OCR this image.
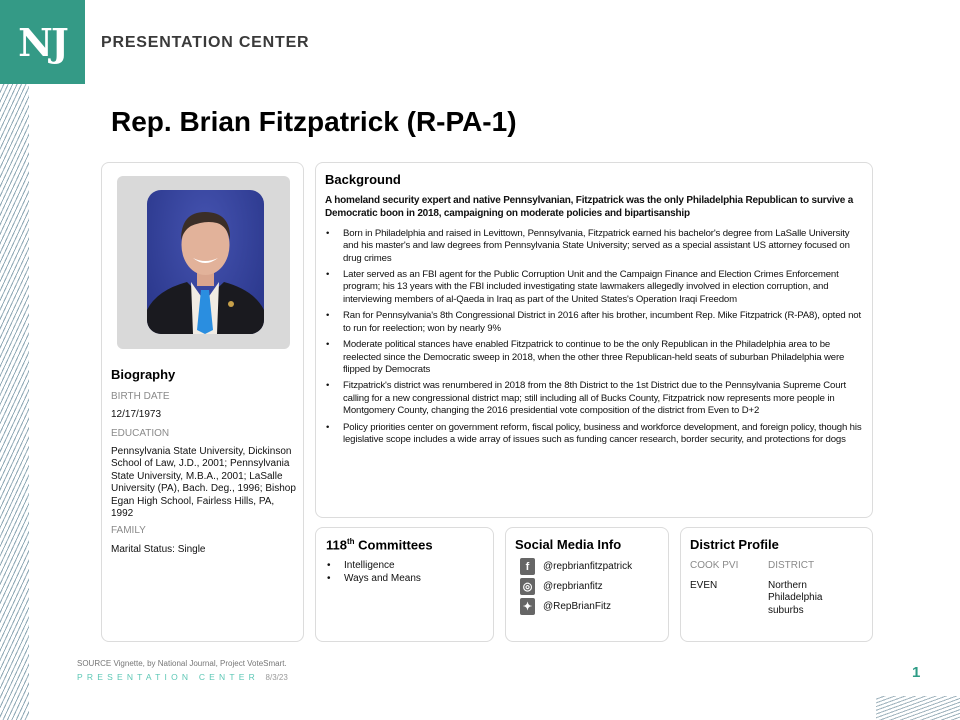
NJ PRESENTATION CENTER
Rep. Brian Fitzpatrick (R-PA-1)
Biography
BIRTH DATE
12/17/1973
EDUCATION
Pennsylvania State University, Dickinson School of Law, J.D., 2001; Pennsylvania State University, M.B.A., 2001; LaSalle University (PA), Bach. Deg., 1996; Bishop Egan High School, Fairless Hills, PA, 1992
FAMILY
Marital Status: Single
Background
A homeland security expert and native Pennsylvanian, Fitzpatrick was the only Philadelphia Republican to survive a Democratic boon in 2018, campaigning on moderate policies and bipartisanship
• Born in Philadelphia and raised in Levittown, Pennsylvania, Fitzpatrick earned his bachelor's degree from LaSalle University and his master's and law degrees from Pennsylvania State University; served as a special assistant US attorney focused on drug crimes
• Later served as an FBI agent for the Public Corruption Unit and the Campaign Finance and Election Crimes Enforcement program; his 13 years with the FBI included investigating state lawmakers allegedly involved in election corruption, and interviewing members of al-Qaeda in Iraq as part of the United States's Operation Iraqi Freedom
• Ran for Pennsylvania's 8th Congressional District in 2016 after his brother, incumbent Rep. Mike Fitzpatrick (R-PA8), opted not to run for reelection; won by nearly 9%
• Moderate political stances have enabled Fitzpatrick to continue to be the only Republican in the Philadelphia area to be reelected since the Democratic sweep in 2018, when the other three Republican-held seats of suburban Philadelphia were flipped by Democrats
• Fitzpatrick's district was renumbered in 2018 from the 8th District to the 1st District due to the Pennsylvania Supreme Court calling for a new congressional district map; still including all of Bucks County, Fitzpatrick now represents more people in Montgomery County, changing the 2016 presidential vote composition of the district from Even to D+2
• Policy priorities center on government reform, fiscal policy, business and workforce development, and foreign policy, though his legislative scope includes a wide array of issues such as funding cancer research, border security, and protections for dogs
118th Committees
• Intelligence
• Ways and Means
Social Media Info
f	@repbrianfitzpatrick
◎ @repbrianfitz
✦ @RepBrianFitz
District Profile
COOK PVI	DISTRICT
EVEN	Northern Philadelphia suburbs
SOURCE Vignette, by National Journal, Project VoteSmart.
PRESENTATION CENTER 8/3/23	1
